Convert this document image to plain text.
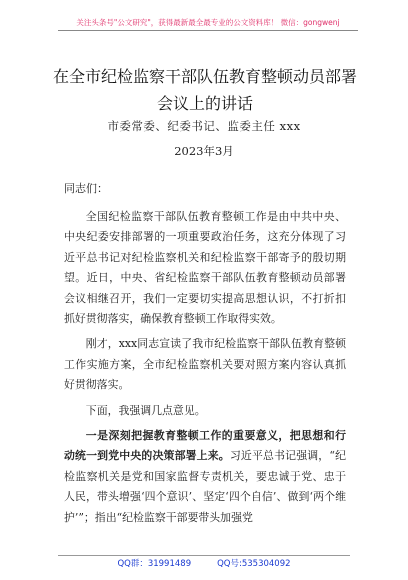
关注头条号"公文研究"，获得最新最全最专业的公文资料库！ 微信：gongwenj
在全市纪检监察干部队伍教育整顿动员部署会议上的讲话
市委常委、纪委书记、监委主任 xxx
2023年3月
同志们：

全国纪检监察干部队伍教育整顿工作是由中共中央、中央纪委安排部署的一项重要政治任务，这充分体现了习近平总书记对纪检监察机关和纪检监察干部寄予的殷切期望。近日，中央、省纪检监察干部队伍教育整顿动员部署会议相继召开，我们一定要切实提高思想认识，不打折扣抓好贯彻落实，确保教育整顿工作取得实效。

刚才，xxx同志宣读了我市纪检监察干部队伍教育整顿工作实施方案，全市纪检监察机关要对照方案内容认真抓好贯彻落实。

下面，我强调几点意见。

一是深刻把握教育整顿工作的重要意义，把思想和行动统一到党中央的决策部署上来。习近平总书记强调，“纪检监察机关是党和国家监督专责机关，要忠诚于党、忠于人民，带头增强‘四个意识’、坚定‘四个自信’、做到‘两个维护’”；指出“纪检监察干部要带头加强党

QQ群：31991489	QQ号:535304092
